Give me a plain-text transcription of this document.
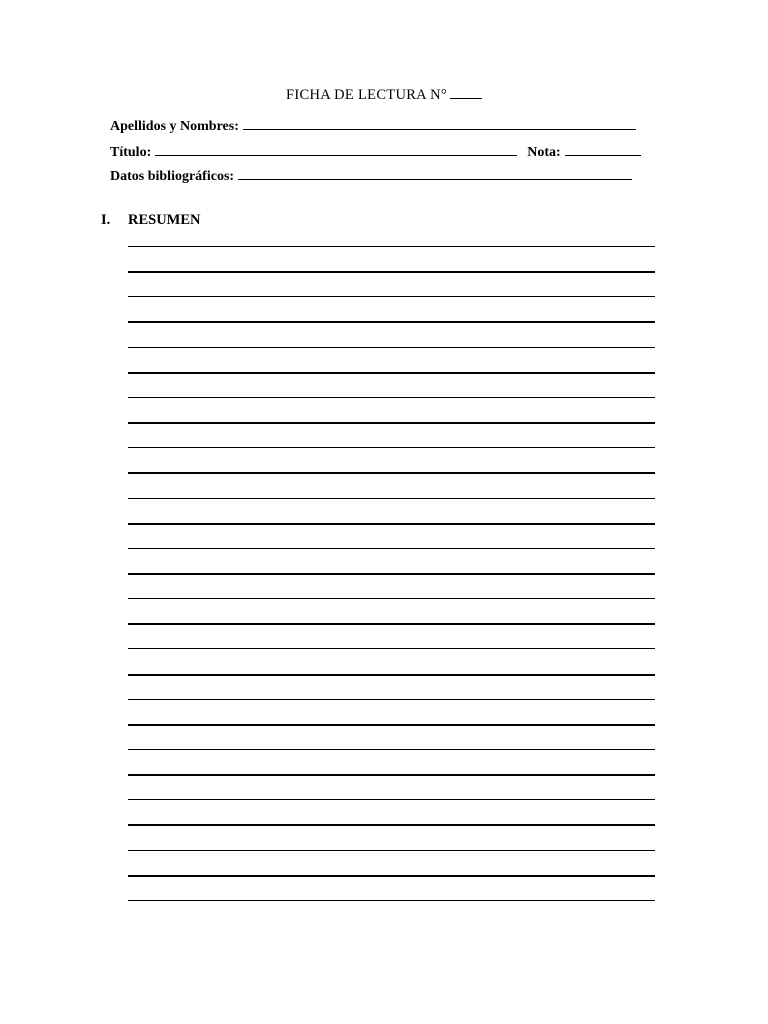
FICHA DE LECTURA N°
Apellidos y Nombres:
Título:	Nota:
Datos bibliográficos:
I.	RESUMEN
